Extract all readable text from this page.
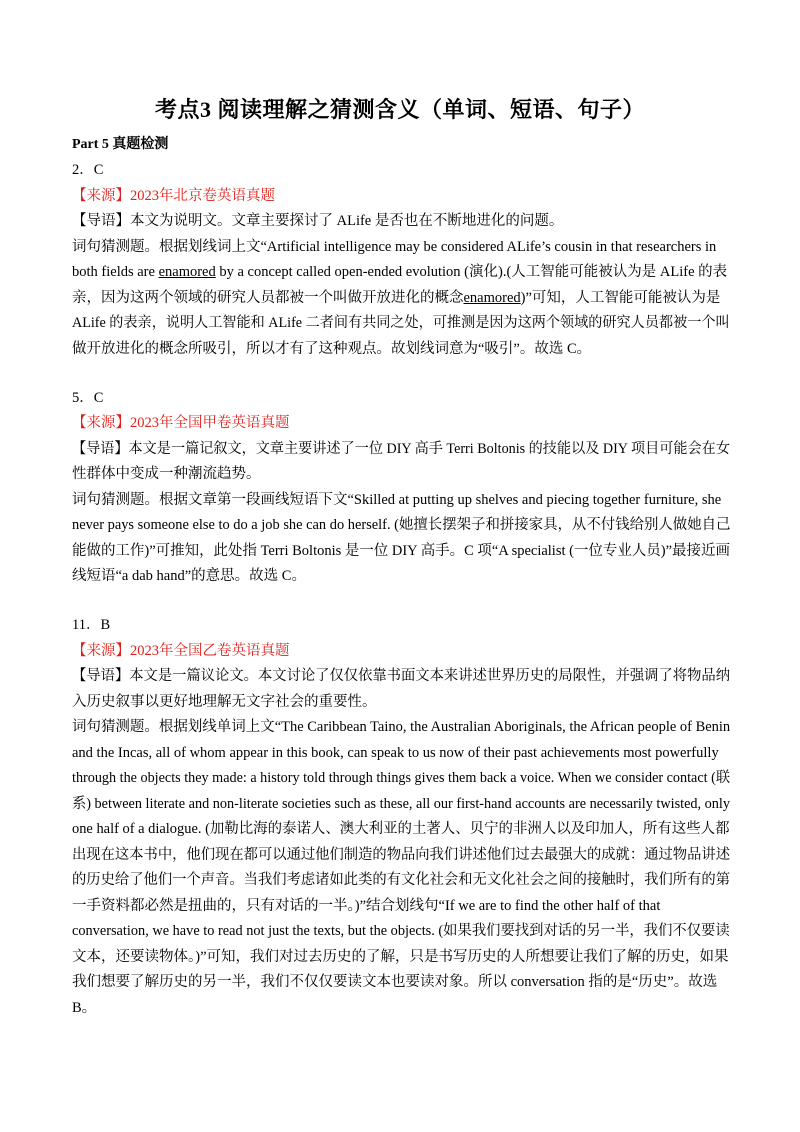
考点3 阅读理解之猜测含义（单词、短语、句子）
Part 5 真题检测
2．C
【来源】2023年北京卷英语真题
【导语】本文为说明文。文章主要探讨了 ALife 是否也在不断地进化的问题。
词句猜测题。根据划线词上文“Artificial intelligence may be considered ALife’s cousin in that researchers in
both fields are enamored by a concept called open-ended evolution (演化).(人工智能可能被认为是 ALife 的表
亲，因为这两个领域的研究人员都被一个叫做开放进化的概念enamored)”可知，人工智能可能被认为是
ALife 的表亲，说明人工智能和 ALife 二者间有共同之处，可推测是因为这两个领域的研究人员都被一个叫
做开放进化的概念所吸引，所以才有了这种观点。故划线词意为“吸引”。故选 C。
5．C
【来源】2023年全国甲卷英语真题
【导语】本文是一篇记叙文，文章主要讲述了一位 DIY 高手 Terri Boltonis 的技能以及 DIY 项目可能会在女
性群体中变成一种潮流趋势。
词句猜测题。根据文章第一段画线短语下文“Skilled at putting up shelves and piecing together furniture, she
never pays someone else to do a job she can do herself. (她擅长摆架子和拼接家具，从不付钱给别人做她自己
能做的工作)”可推知，此处指 Terri Boltonis 是一位 DIY 高手。C 项“A specialist (一位专业人员)”最接近画
线短语“a dab hand”的意思。故选 C。
11．B
【来源】2023年全国乙卷英语真题
【导语】本文是一篇议论文。本文讨论了仅仅依靠书面文本来讲述世界历史的局限性，并强调了将物品纳
入历史叙事以更好地理解无文字社会的重要性。
词句猜测题。根据划线单词上文“The Caribbean Taino, the Australian Aboriginals, the African people of Benin
and the Incas, all of whom appear in this book, can speak to us now of their past achievements most powerfully
through the objects they made: a history told through things gives them back a voice. When we consider contact (联
系) between literate and non-literate societies such as these, all our first-hand accounts are necessarily twisted, only
one half of a dialogue. (加勒比海的泰诺人、澳大利亚的土著人、贝宁的非洲人以及印加人，所有这些人都
出现在这本书中，他们现在都可以通过他们制造的物品向我们讲述他们过去最强大的成就：通过物品讲述
的历史给了他们一个声音。当我们考虑诸如此类的有文化社会和无文化社会之间的接触时，我们所有的第
一手资料都必然是扭曲的，只有对话的一半。)”结合划线句“If we are to find the other half of that
conversation, we have to read not just the texts, but the objects. (如果我们要找到对话的另一半，我们不仅要读
文本，还要读物体。)”可知，我们对过去历史的了解，只是书写历史的人所想要让我们了解的历史，如果
我们想要了解历史的另一半，我们不仅仅要读文本也要读对象。所以 conversation 指的是“历史”。故选
B。
